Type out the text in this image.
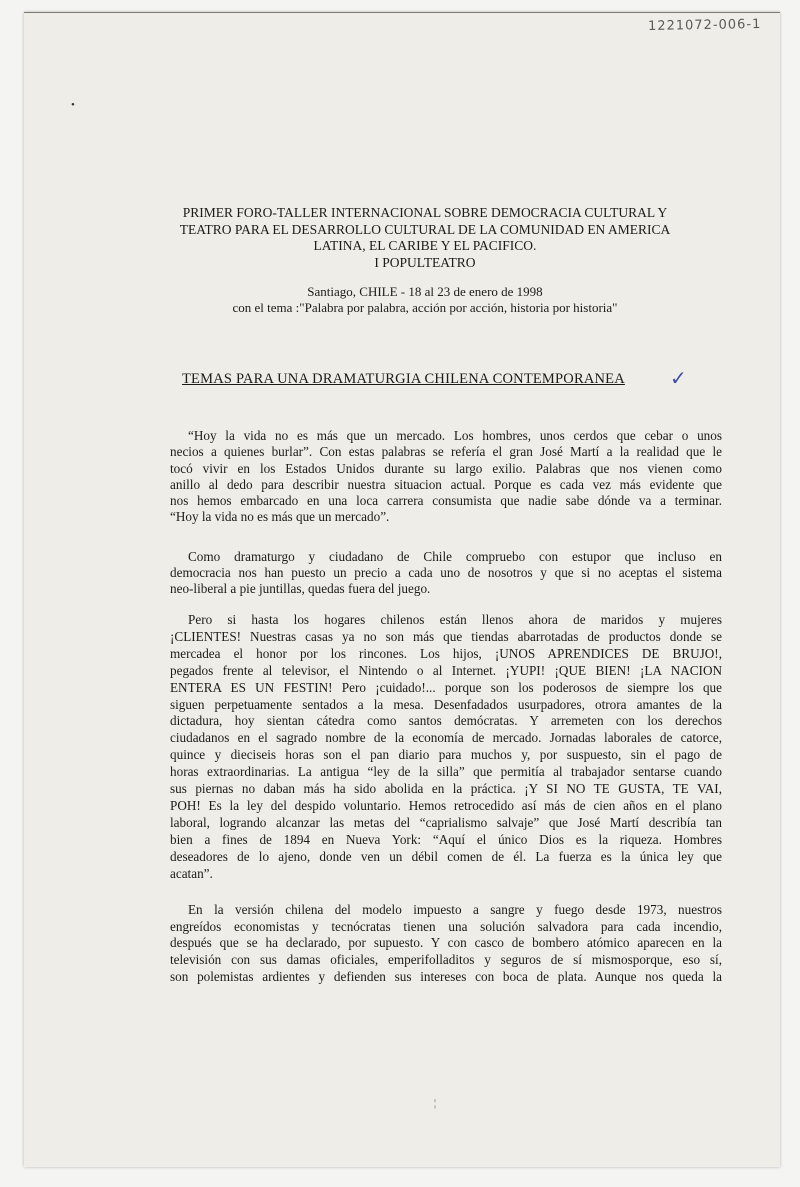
1221072-006-1
•
PRIMER FORO-TALLER INTERNACIONAL SOBRE DEMOCRACIA CULTURAL Y
TEATRO PARA EL DESARROLLO CULTURAL DE LA COMUNIDAD EN AMERICA
LATINA, EL CARIBE Y EL PACIFICO.
I POPULTEATRO
Santiago, CHILE - 18 al 23 de enero de 1998
con el tema :"Palabra por palabra, acción por acción, historia por historia"
TEMAS PARA UNA DRAMATURGIA CHILENA CONTEMPORANEA ✓
“Hoy la vida no es más que un mercado. Los hombres, unos cerdos que cebar o unos
necios a quienes burlar”. Con estas palabras se refería el gran José Martí a la realidad que le
tocó vivir en los Estados Unidos durante su largo exilio. Palabras que nos vienen como
anillo al dedo para describir nuestra situacion actual. Porque es cada vez más evidente que
nos hemos embarcado en una loca carrera consumista que nadie sabe dónde va a terminar.
“Hoy la vida no es más que un mercado”.
Como dramaturgo y ciudadano de Chile compruebo con estupor que incluso en
democracia nos han puesto un precio a cada uno de nosotros y que si no aceptas el sistema
neo-liberal a pie juntillas, quedas fuera del juego.
Pero si hasta los hogares chilenos están llenos ahora de maridos y mujeres
¡CLIENTES! Nuestras casas ya no son más que tiendas abarrotadas de productos donde se
mercadea el honor por los rincones. Los hijos, ¡UNOS APRENDICES DE BRUJO!,
pegados frente al televisor, el Nintendo o al Internet. ¡YUPI! ¡QUE BIEN! ¡LA NACION
ENTERA ES UN FESTIN! Pero ¡cuidado!... porque son los poderosos de siempre los que
siguen perpetuamente sentados a la mesa. Desenfadados usurpadores, otrora amantes de la
dictadura, hoy sientan cátedra como santos demócratas. Y arremeten con los derechos
ciudadanos en el sagrado nombre de la economía de mercado. Jornadas laborales de catorce,
quince y dieciseis horas son el pan diario para muchos y, por suspuesto, sin el pago de
horas extraordinarias. La antigua “ley de la silla” que permitía al trabajador sentarse cuando
sus piernas no daban más ha sido abolida en la práctica. ¡Y SI NO TE GUSTA, TE VAI,
POH! Es la ley del despido voluntario. Hemos retrocedido así más de cien años en el plano
laboral, logrando alcanzar las metas del “caprialismo salvaje” que José Martí describía tan
bien a fines de 1894 en Nueva York: “Aquí el único Dios es la riqueza. Hombres
deseadores de lo ajeno, donde ven un débil comen de él. La fuerza es la única ley que
acatan”.
En la versión chilena del modelo impuesto a sangre y fuego desde 1973, nuestros
engreídos economistas y tecnócratas tienen una solución salvadora para cada incendio,
después que se ha declarado, por supuesto. Y con casco de bombero atómico aparecen en la
televisión con sus damas oficiales, emperifolladitos y seguros de sí mismosporque, eso sí,
son polemistas ardientes y defienden sus intereses con boca de plata. Aunque nos queda la
¦
